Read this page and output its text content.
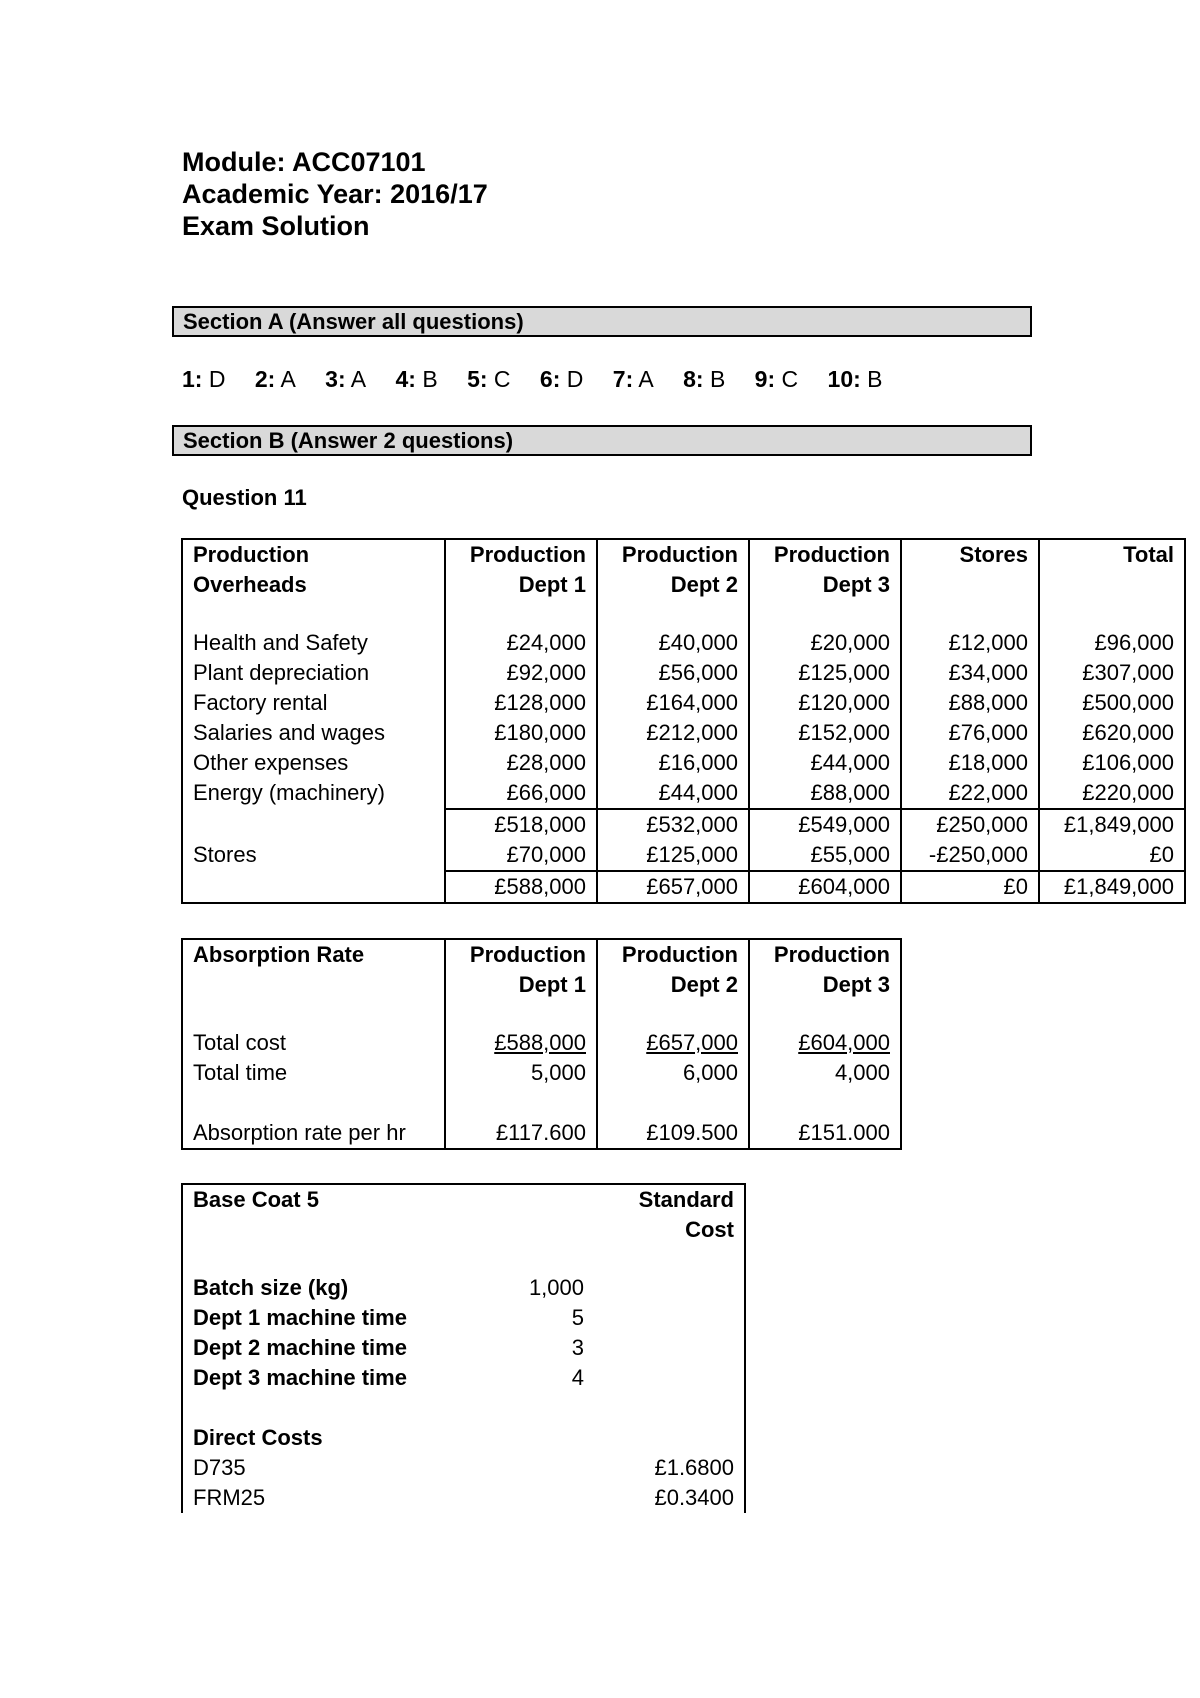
Module: ACC07101
Academic Year: 2016/17
Exam Solution
Section A (Answer all questions)
1: D 2: A 3: A 4: B 5: C 6: D 7: A 8: B 9: C 10: B
Section B (Answer 2 questions)
Question 11
Production	Production	Production	Production	Stores	Total
Overheads	Dept 1	Dept 2	Dept 3		

Health and Safety	£24,000	£40,000	£20,000	£12,000	£96,000
Plant depreciation	£92,000	£56,000	£125,000	£34,000	£307,000
Factory rental	£128,000	£164,000	£120,000	£88,000	£500,000
Salaries and wages	£180,000	£212,000	£152,000	£76,000	£620,000
Other expenses	£28,000	£16,000	£44,000	£18,000	£106,000
Energy (machinery)	£66,000	£44,000	£88,000	£22,000	£220,000
	£518,000	£532,000	£549,000	£250,000	£1,849,000
Stores	£70,000	£125,000	£55,000	-£250,000	£0
	£588,000	£657,000	£604,000	£0	£1,849,000
Absorption Rate	Production	Production	Production
	Dept 1	Dept 2	Dept 3

Total cost	£588,000	£657,000	£604,000
Total time	5,000	6,000	4,000

Absorption rate per hr	£117.600	£109.500	£151.000
Base Coat 5		Standard
		Cost

Batch size (kg)	1,000	
Dept 1 machine time	5	
Dept 2 machine time	3	
Dept 3 machine time	4	

Direct Costs		
D735		£1.6800
FRM25		£0.3400
